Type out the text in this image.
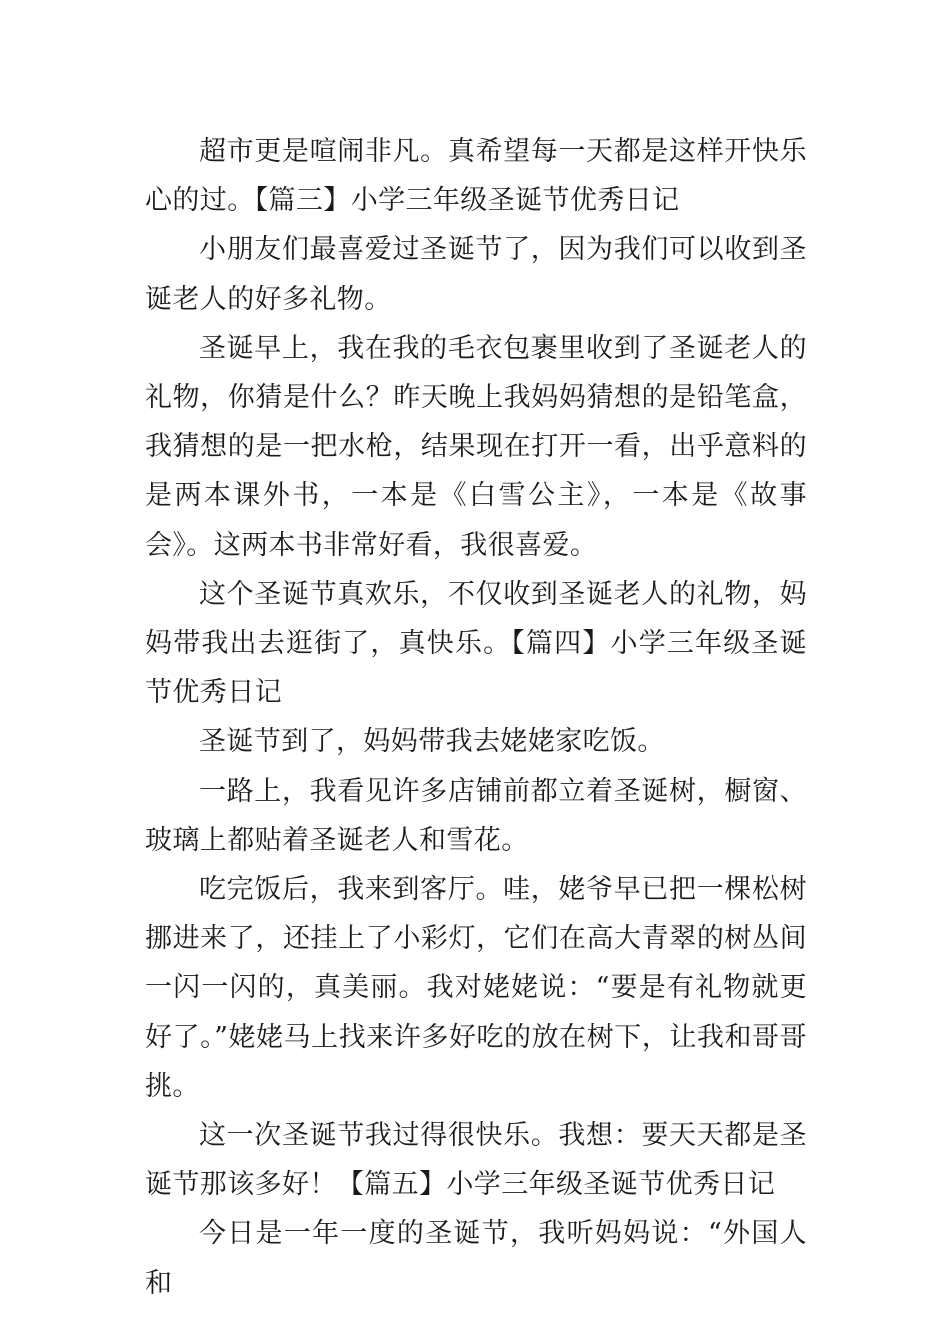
超市更是喧闹非凡。真希望每一天都是这样开快乐心的过。【篇三】小学三年级圣诞节优秀日记

小朋友们最喜爱过圣诞节了，因为我们可以收到圣诞老人的好多礼物。

圣诞早上，我在我的毛衣包裹里收到了圣诞老人的礼物，你猜是什么？昨天晚上我妈妈猜想的是铅笔盒，我猜想的是一把水枪，结果现在打开一看，出乎意料的是两本课外书，一本是《白雪公主》，一本是《故事会》。这两本书非常好看，我很喜爱。

这个圣诞节真欢乐，不仅收到圣诞老人的礼物，妈妈带我出去逛街了，真快乐。【篇四】小学三年级圣诞节优秀日记

圣诞节到了，妈妈带我去姥姥家吃饭。

一路上，我看见许多店铺前都立着圣诞树，橱窗、玻璃上都贴着圣诞老人和雪花。

吃完饭后，我来到客厅。哇，姥爷早已把一棵松树挪进来了，还挂上了小彩灯，它们在高大青翠的树丛间一闪一闪的，真美丽。我对姥姥说：“要是有礼物就更好了。”姥姥马上找来许多好吃的放在树下，让我和哥哥挑。

这一次圣诞节我过得很快乐。我想：要天天都是圣诞节那该多好！【篇五】小学三年级圣诞节优秀日记

今日是一年一度的圣诞节，我听妈妈说：“外国人和
